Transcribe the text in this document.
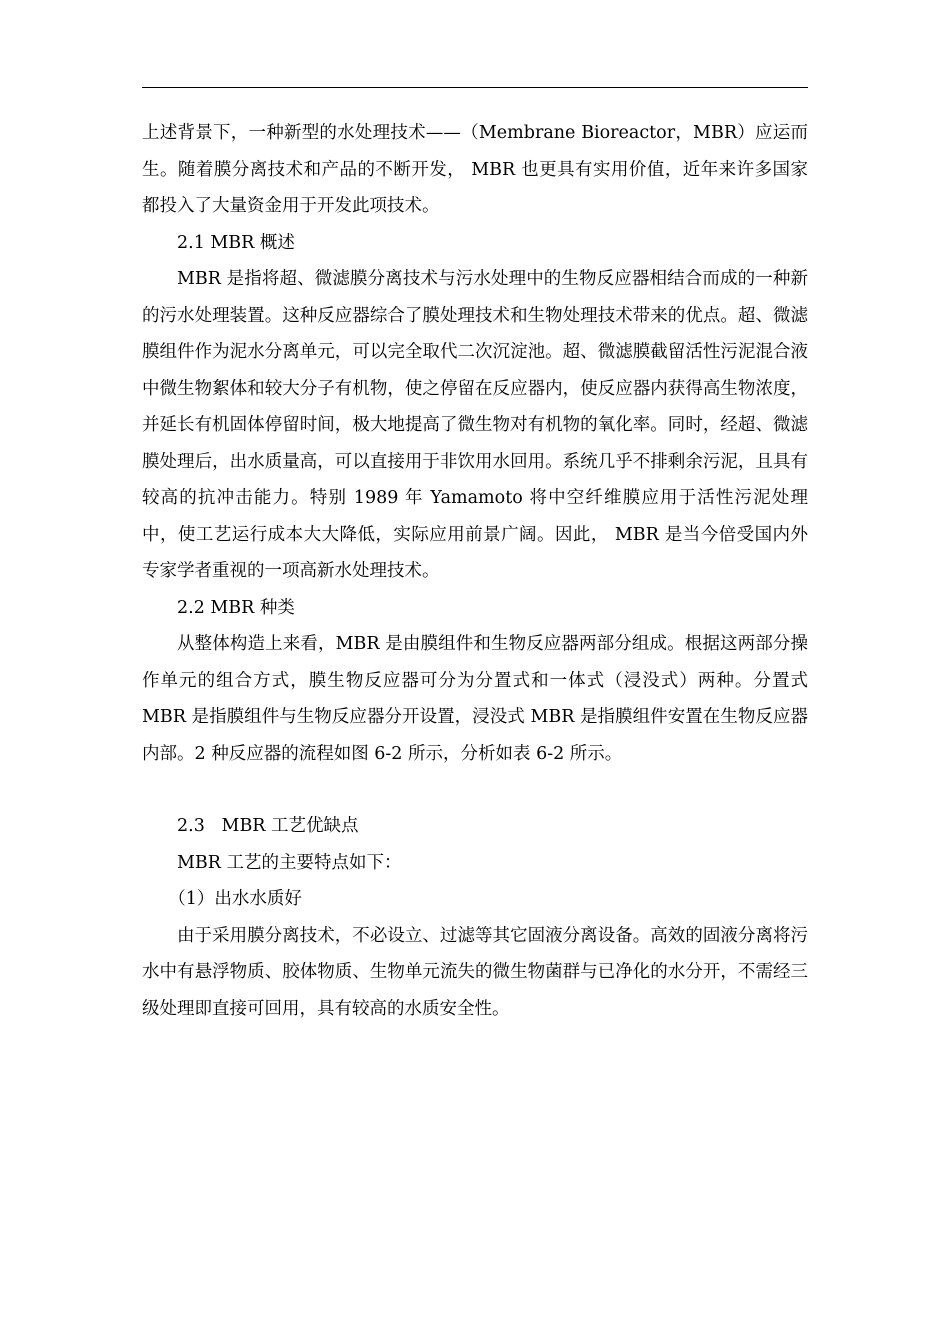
上述背景下，一种新型的水处理技术——（Membrane Bioreactor，MBR）应运而生。随着膜分离技术和产品的不断开发， MBR 也更具有实用价值，近年来许多国家都投入了大量资金用于开发此项技术。

2.1 MBR 概述

MBR 是指将超、微滤膜分离技术与污水处理中的生物反应器相结合而成的一种新的污水处理装置。这种反应器综合了膜处理技术和生物处理技术带来的优点。超、微滤膜组件作为泥水分离单元，可以完全取代二次沉淀池。超、微滤膜截留活性污泥混合液中微生物絮体和较大分子有机物，使之停留在反应器内，使反应器内获得高生物浓度，并延长有机固体停留时间，极大地提高了微生物对有机物的氧化率。同时，经超、微滤膜处理后，出水质量高，可以直接用于非饮用水回用。系统几乎不排剩余污泥，且具有较高的抗冲击能力。特别 1989 年 Yamamoto 将中空纤维膜应用于活性污泥处理中，使工艺运行成本大大降低，实际应用前景广阔。因此， MBR 是当今倍受国内外专家学者重视的一项高新水处理技术。

2.2 MBR 种类

从整体构造上来看，MBR 是由膜组件和生物反应器两部分组成。根据这两部分操作单元的组合方式，膜生物反应器可分为分置式和一体式（浸没式）两种。分置式 MBR 是指膜组件与生物反应器分开设置，浸没式 MBR 是指膜组件安置在生物反应器内部。2 种反应器的流程如图 6-2 所示，分析如表 6-2 所示。

2.3   MBR 工艺优缺点

MBR 工艺的主要特点如下：

（1）出水水质好

由于采用膜分离技术，不必设立、过滤等其它固液分离设备。高效的固液分离将污水中有悬浮物质、胶体物质、生物单元流失的微生物菌群与已净化的水分开，不需经三级处理即直接可回用，具有较高的水质安全性。
